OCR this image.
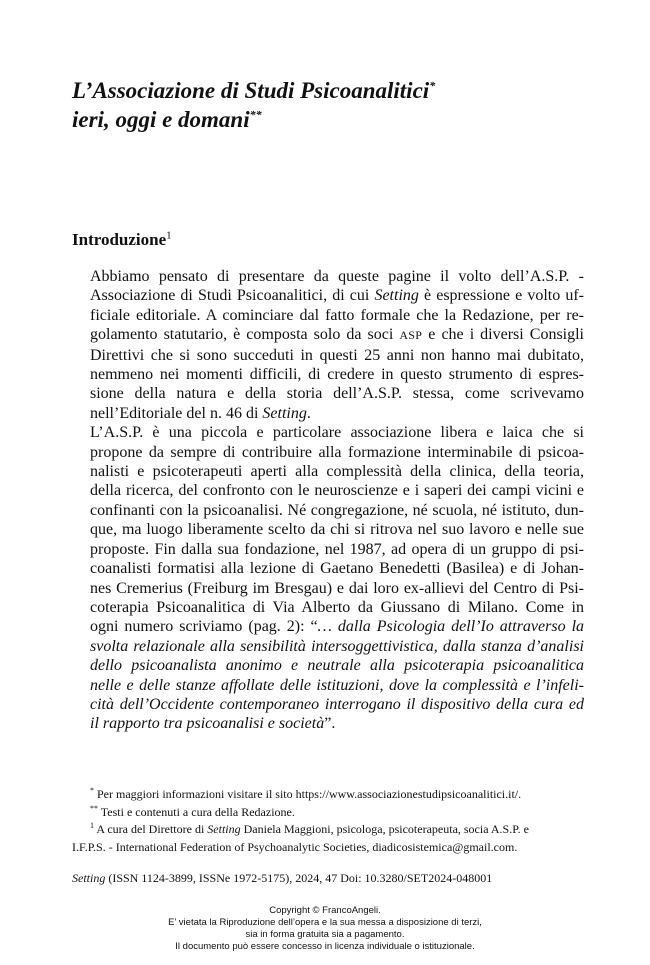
L’Associazione di Studi Psicoanalitici*
ieri, oggi e domani**
Introduzione$^1$

Abbiamo pensato di presentare da queste pagine il volto dell’A.S.P. -
Associazione di Studi Psicoanalitici, di cui Setting è espressione e volto uf-
ficiale editoriale. A cominciare dal fatto formale che la Redazione, per re-
golamento statutario, è composta solo da soci ASP e che i diversi Consigli
Direttivi che si sono succeduti in questi 25 anni non hanno mai dubitato,
nemmeno nei momenti difficili, di credere in questo strumento di espres-
sione della natura e della storia dell’A.S.P. stessa, come scrivevamo
nell’Editoriale del n. 46 di Setting.

L’A.S.P. è una piccola e particolare associazione libera e laica che si
propone da sempre di contribuire alla formazione interminabile di psicoa-
nalisti e psicoterapeuti aperti alla complessità della clinica, della teoria,
della ricerca, del confronto con le neuroscienze e i saperi dei campi vicini e
confinanti con la psicoanalisi. Né congregazione, né scuola, né istituto, dun-
que, ma luogo liberamente scelto da chi si ritrova nel suo lavoro e nelle sue
proposte. Fin dalla sua fondazione, nel 1987, ad opera di un gruppo di psi-
coanalisti formatisi alla lezione di Gaetano Benedetti (Basilea) e di Johan-
nes Cremerius (Freiburg im Bresgau) e dai loro ex-allievi del Centro di Psi-
coterapia Psicoanalitica di Via Alberto da Giussano di Milano. Come in
ogni numero scriviamo (pag. 2): “… dalla Psicologia dell’Io attraverso la
svolta relazionale alla sensibilità intersoggettivistica, dalla stanza d’analisi
dello psicoanalista anonimo e neutrale alla psicoterapia psicoanalitica
nelle e delle stanze affollate delle istituzioni, dove la complessità e l’infeli-
cità dell’Occidente contemporaneo interrogano il dispositivo della cura ed
il rapporto tra psicoanalisi e società”.

* Per maggiori informazioni visitare il sito https://www.associazionestudipsicoanalitici.it/.
** Testi e contenuti a cura della Redazione.
$^1$ A cura del Direttore di Setting Daniela Maggioni, psicologa, psicoterapeuta, socia A.S.P. e
I.F.P.S. - International Federation of Psychoanalytic Societies, diadicosistemica@gmail.com.
Setting (ISSN 1124-3899, ISSNe 1972-5175), 2024, 47 Doi: 10.3280/SET2024-048001
Copyright © FrancoAngeli.
E’ vietata la Riproduzione dell’opera e la sua messa a disposizione di terzi,
sia in forma gratuita sia a pagamento.
Il documento può essere concesso in licenza individuale o istituzionale.
